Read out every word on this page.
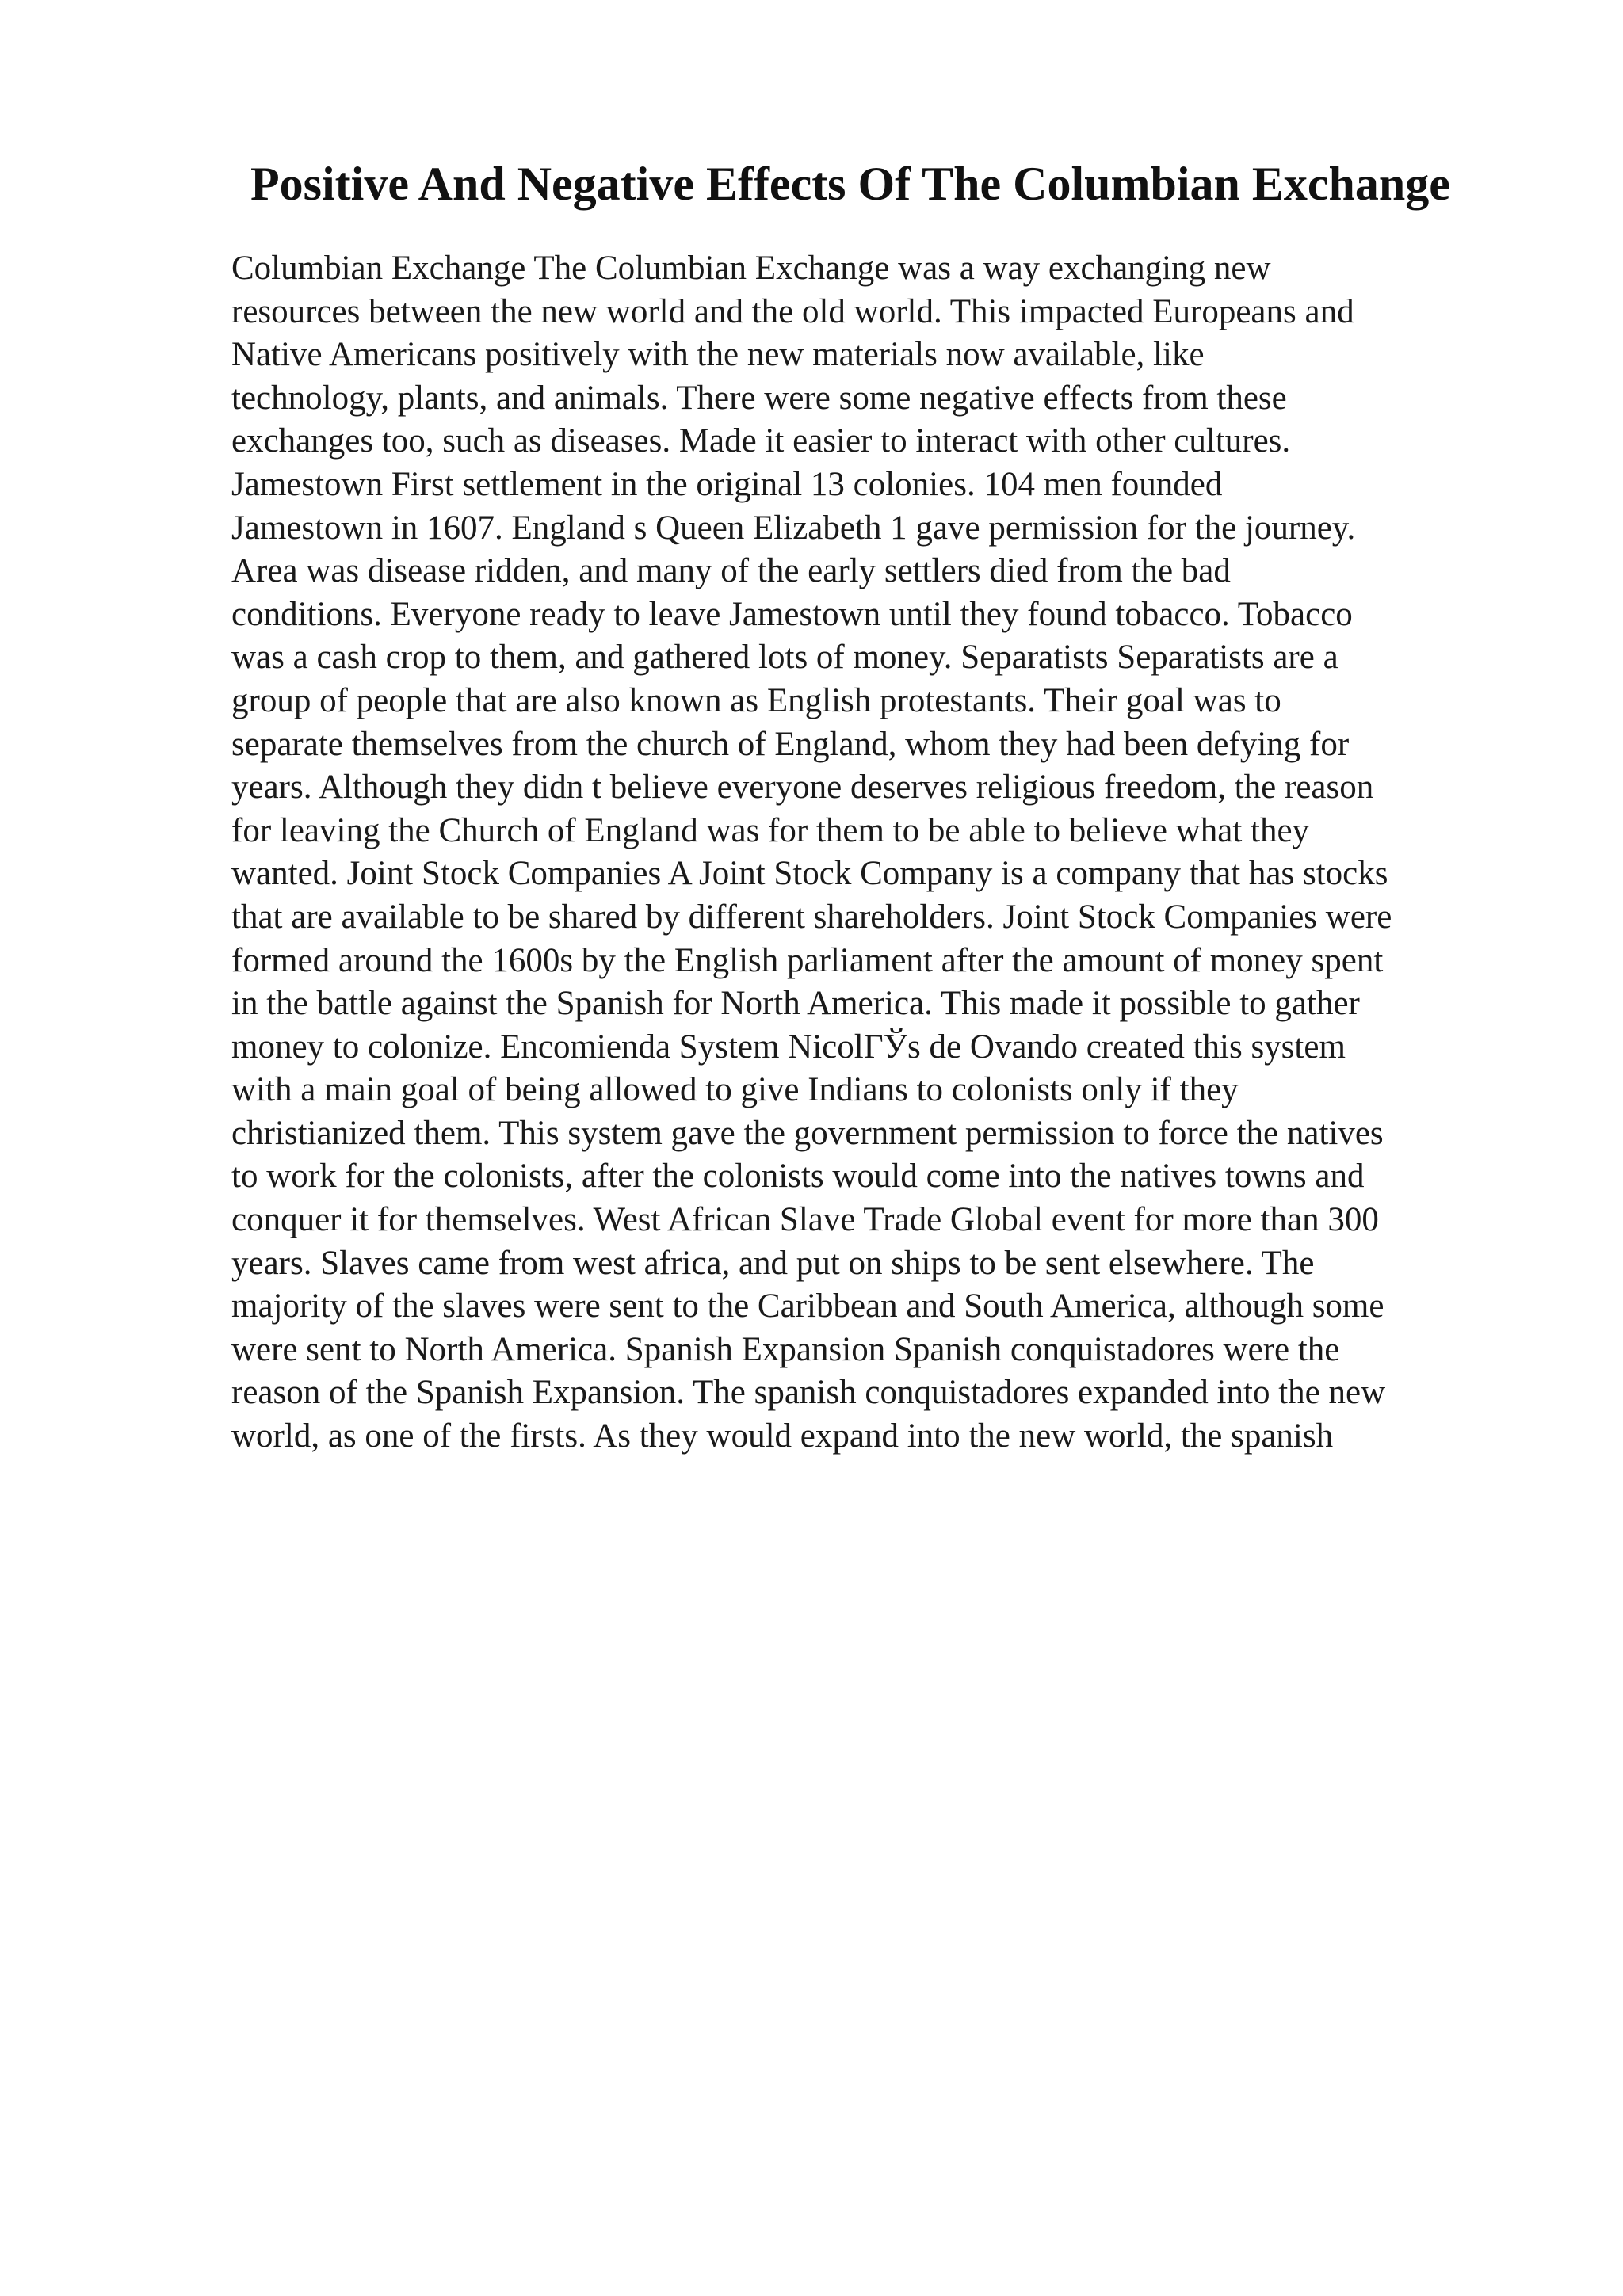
Positive And Negative Effects Of The Columbian Exchange
Columbian Exchange The Columbian Exchange was a way exchanging new
resources between the new world and the old world. This impacted Europeans and
Native Americans positively with the new materials now available, like
technology, plants, and animals. There were some negative effects from these
exchanges too, such as diseases. Made it easier to interact with other cultures.
Jamestown First settlement in the original 13 colonies. 104 men founded
Jamestown in 1607. England s Queen Elizabeth 1 gave permission for the journey.
Area was disease ridden, and many of the early settlers died from the bad
conditions. Everyone ready to leave Jamestown until they found tobacco. Tobacco
was a cash crop to them, and gathered lots of money. Separatists Separatists are a
group of people that are also known as English protestants. Their goal was to
separate themselves from the church of England, whom they had been defying for
years. Although they didn t believe everyone deserves religious freedom, the reason
for leaving the Church of England was for them to be able to believe what they
wanted. Joint Stock Companies A Joint Stock Company is a company that has stocks
that are available to be shared by different shareholders. Joint Stock Companies were
formed around the 1600s by the English parliament after the amount of money spent
in the battle against the Spanish for North America. This made it possible to gather
money to colonize. Encomienda System NicolГЎs de Ovando created this system
with a main goal of being allowed to give Indians to colonists only if they
christianized them. This system gave the government permission to force the natives
to work for the colonists, after the colonists would come into the natives towns and
conquer it for themselves. West African Slave Trade Global event for more than 300
years. Slaves came from west africa, and put on ships to be sent elsewhere. The
majority of the slaves were sent to the Caribbean and South America, although some
were sent to North America. Spanish Expansion Spanish conquistadores were the
reason of the Spanish Expansion. The spanish conquistadores expanded into the new
world, as one of the firsts. As they would expand into the new world, the spanish
